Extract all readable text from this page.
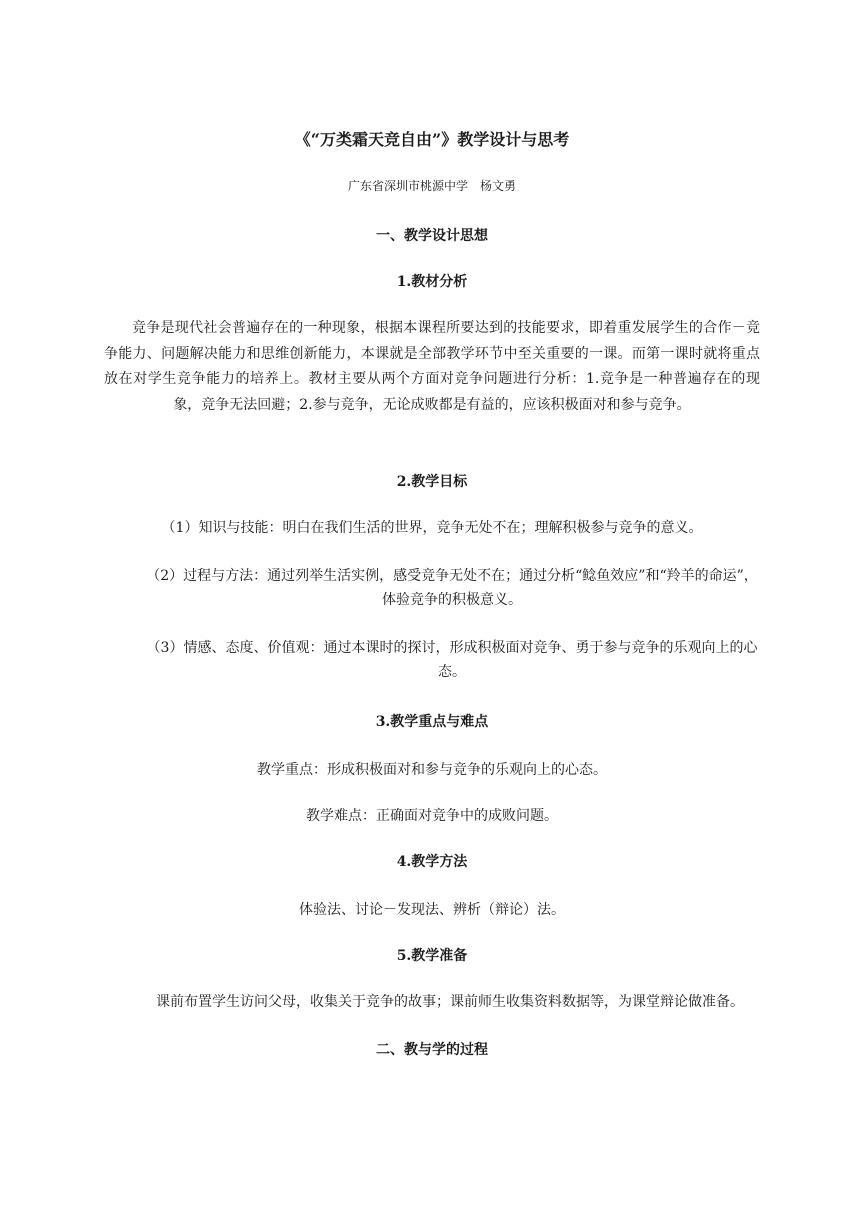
《“万类霜天竞自由”》教学设计与思考
广东省深圳市桃源中学　杨文勇
一、教学设计思想
1.教材分析
竞争是现代社会普遍存在的一种现象，根据本课程所要达到的技能要求，即着重发展学生的合作－竞争能力、问题解决能力和思维创新能力，本课就是全部教学环节中至关重要的一课。而第一课时就将重点放在对学生竞争能力的培养上。教材主要从两个方面对竞争问题进行分析：1.竞争是一种普遍存在的现象，竞争无法回避；2.参与竞争，无论成败都是有益的，应该积极面对和参与竞争。
2.教学目标
（1）知识与技能：明白在我们生活的世界，竞争无处不在；理解积极参与竞争的意义。
（2）过程与方法：通过列举生活实例，感受竞争无处不在；通过分析“鲶鱼效应”和“羚羊的命运”，体验竞争的积极意义。
（3）情感、态度、价值观：通过本课时的探讨，形成积极面对竞争、勇于参与竞争的乐观向上的心态。
3.教学重点与难点
教学重点：形成积极面对和参与竞争的乐观向上的心态。
教学难点：正确面对竞争中的成败问题。
4.教学方法
体验法、讨论－发现法、辨析（辩论）法。
5.教学准备
课前布置学生访问父母，收集关于竞争的故事；课前师生收集资料数据等，为课堂辩论做准备。
二、教与学的过程
